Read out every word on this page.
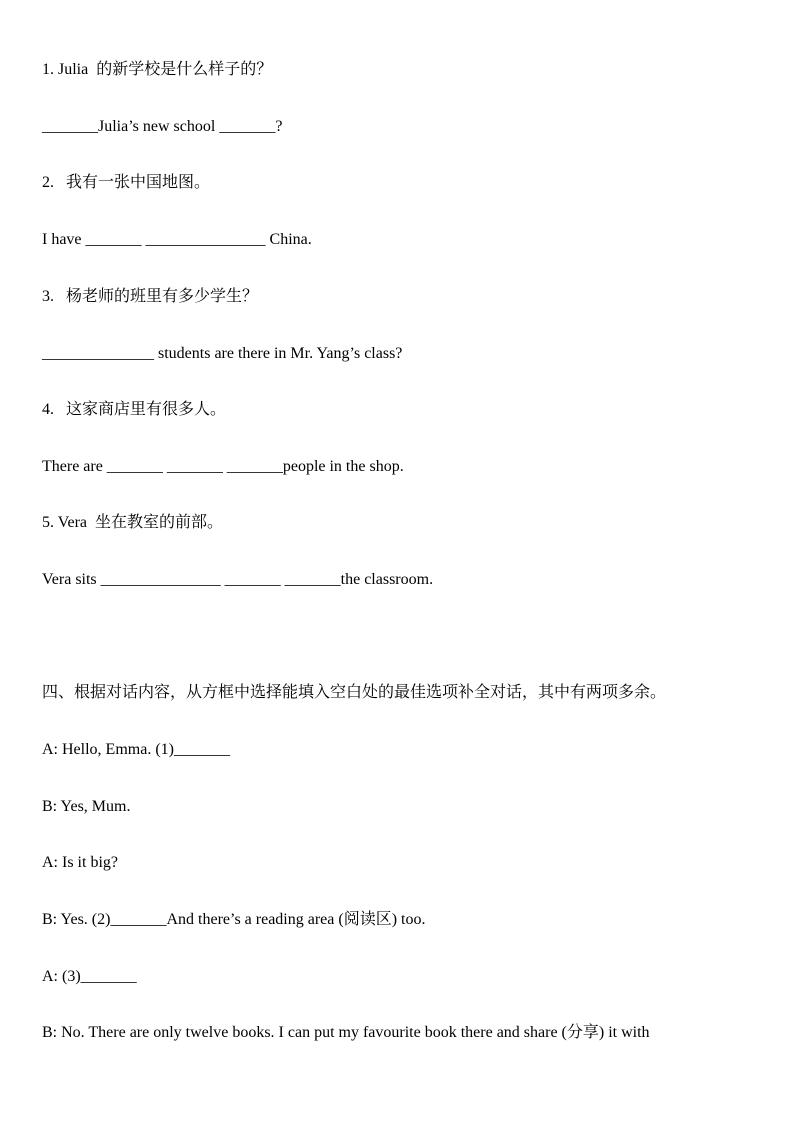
1. Julia  的新学校是什么样子的？
_______Julia’s new school _______?
2.   我有一张中国地图。
I have _______ _______________ China.
3.   杨老师的班里有多少学生？
______________ students are there in Mr. Yang’s class?
4.   这家商店里有很多人。
There are _______ _______ _______people in the shop.
5. Vera  坐在教室的前部。
Vera sits _______________ _______ _______the classroom.
四、根据对话内容，从方框中选择能填入空白处的最佳选项补全对话，其中有两项多余。
A: Hello, Emma. (1)_______
B: Yes, Mum.
A: Is it big?
B: Yes. (2)_______And there’s a reading area (阅读区) too.
A: (3)_______
B: No. There are only twelve books. I can put my favourite book there and share (分享) it with
